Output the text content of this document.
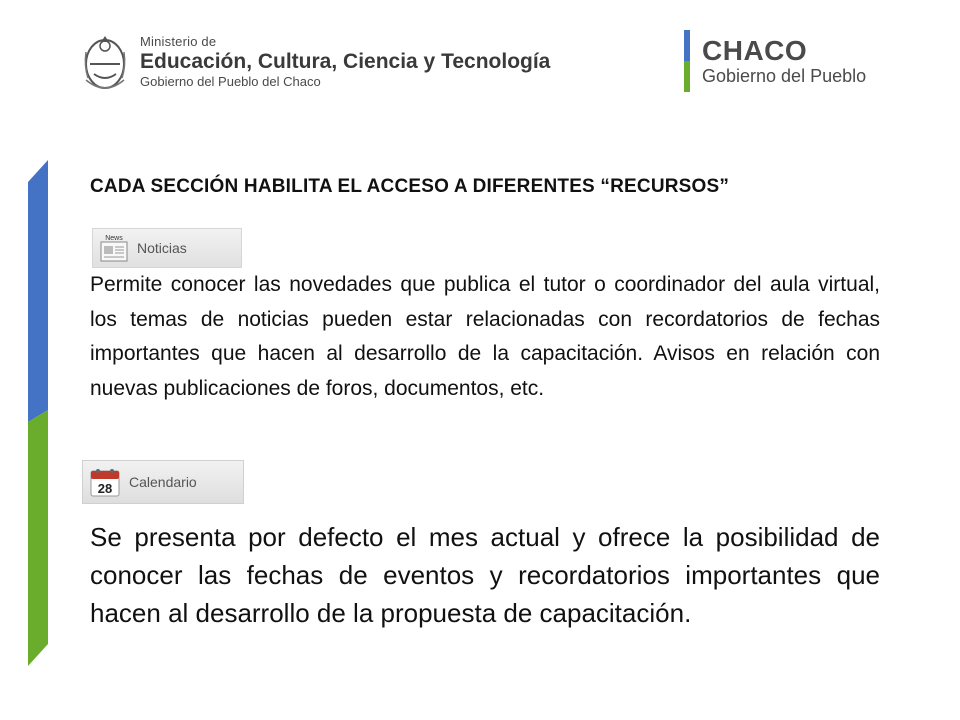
Ministerio de
Educación, Cultura, Ciencia y Tecnología
Gobierno del Pueblo del Chaco
CHACO
Gobierno del Pueblo
CADA SECCIÓN HABILITA EL ACCESO A DIFERENTES “RECURSOS”
News
Noticias
Permite conocer las novedades que publica el tutor o coordinador del aula virtual, los temas de noticias pueden estar relacionadas con recordatorios de fechas importantes que hacen al desarrollo de la capacitación. Avisos en relación con nuevas publicaciones de foros, documentos, etc.
28 Calendario
Se presenta por defecto el mes actual y ofrece la posibilidad de conocer las fechas de eventos y recordatorios importantes que hacen al desarrollo de la propuesta de capacitación.
